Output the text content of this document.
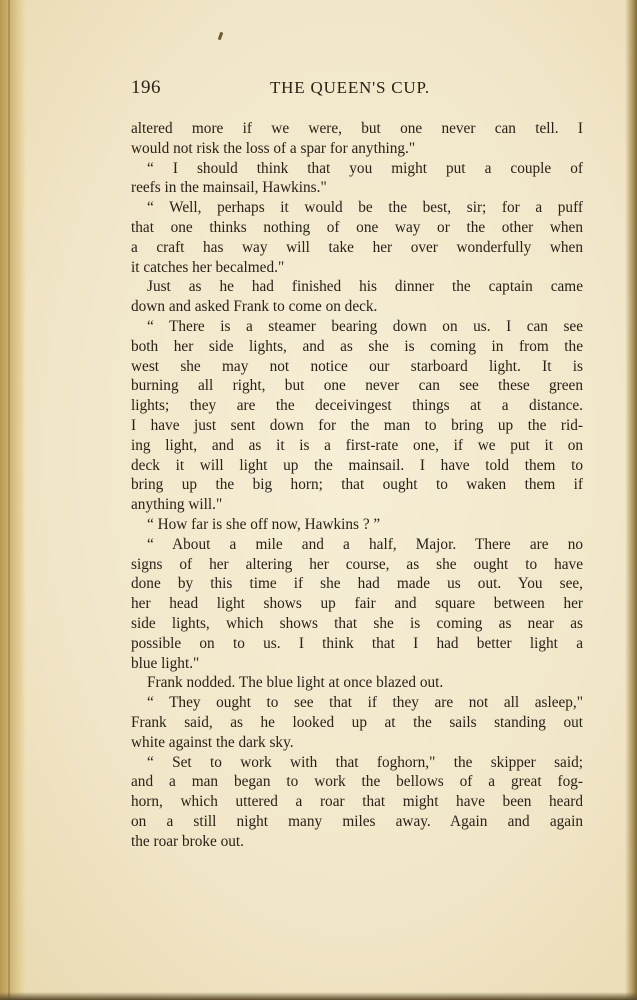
196	THE QUEEN'S CUP.
altered more if we were, but one never can tell. I
would not risk the loss of a spar for anything."
“ I should think that you might put a couple of
reefs in the mainsail, Hawkins."
“ Well, perhaps it would be the best, sir; for a puff
that one thinks nothing of one way or the other when
a craft has way will take her over wonderfully when
it catches her becalmed."
Just as he had finished his dinner the captain came
down and asked Frank to come on deck.
“ There is a steamer bearing down on us. I can see
both her side lights, and as she is coming in from the
west she may not notice our starboard light. It is
burning all right, but one never can see these green
lights; they are the deceivingest things at a distance.
I have just sent down for the man to bring up the rid-
ing light, and as it is a first-rate one, if we put it on
deck it will light up the mainsail. I have told them to
bring up the big horn; that ought to waken them if
anything will."
“ How far is she off now, Hawkins ? ”
“ About a mile and a half, Major. There are no
signs of her altering her course, as she ought to have
done by this time if she had made us out. You see,
her head light shows up fair and square between her
side lights, which shows that she is coming as near as
possible on to us. I think that I had better light a
blue light."
Frank nodded. The blue light at once blazed out.
“ They ought to see that if they are not all asleep,"
Frank said, as he looked up at the sails standing out
white against the dark sky.
“ Set to work with that foghorn," the skipper said;
and a man began to work the bellows of a great fog-
horn, which uttered a roar that might have been heard
on a still night many miles away. Again and again
the roar broke out.
